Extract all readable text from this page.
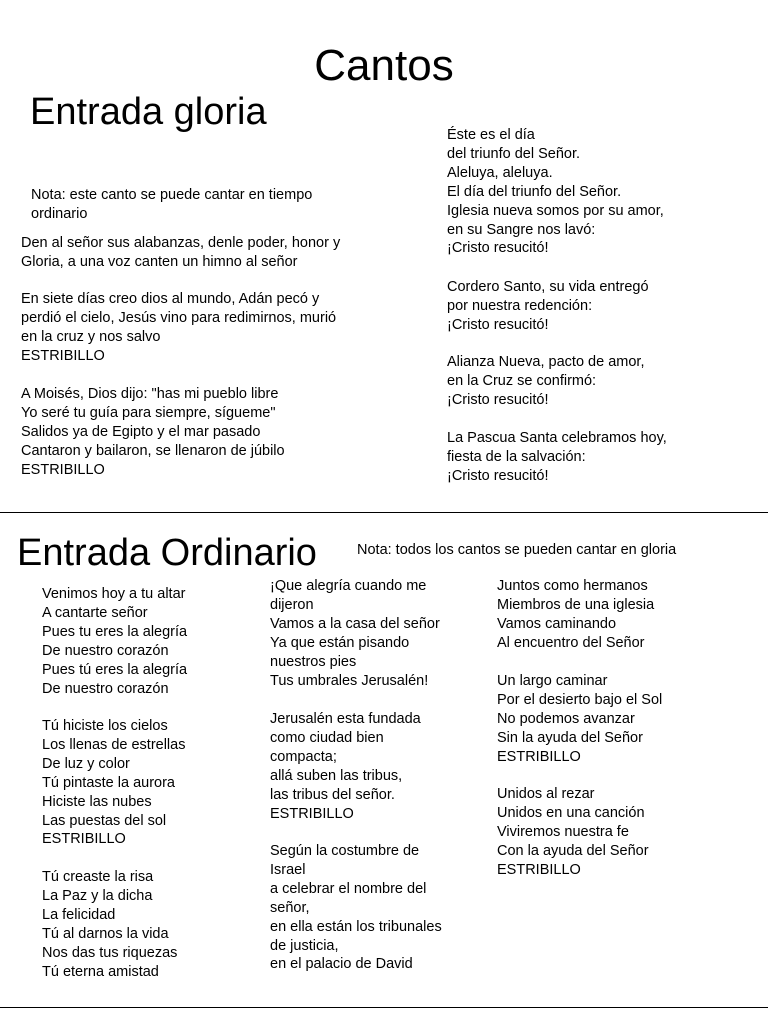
Cantos
Entrada gloria
Nota: este canto se puede cantar en tiempo
ordinario
Den al señor sus alabanzas, denle poder, honor y
Gloria, a una voz canten un himno al señor
En siete días creo dios al mundo, Adán pecó y
perdió el cielo, Jesús vino para redimirnos, murió
en la cruz y nos salvo
ESTRIBILLO
A Moisés, Dios dijo: "has mi pueblo libre
Yo seré tu guía para siempre, sígueme"
Salidos ya de Egipto y el mar pasado
Cantaron y bailaron, se llenaron de júbilo
ESTRIBILLO
Éste es el día
del triunfo del Señor.
Aleluya, aleluya.
El día del triunfo del Señor.
Iglesia nueva somos por su amor,
en su Sangre nos lavó:
¡Cristo resucitó!
Cordero Santo, su vida entregó
por nuestra redención:
¡Cristo resucitó!
Alianza Nueva, pacto de amor,
en la Cruz se confirmó:
¡Cristo resucitó!
La Pascua Santa celebramos hoy,
fiesta de la salvación:
¡Cristo resucitó!
Entrada Ordinario	Nota: todos los cantos se pueden cantar en gloria
Venimos hoy a tu altar
A cantarte señor
Pues tu eres la alegría
De nuestro corazón
Pues tú eres la alegría
De nuestro corazón
Tú hiciste los cielos
Los llenas de estrellas
De luz y color
Tú pintaste la aurora
Hiciste las nubes
Las puestas del sol
ESTRIBILLO
Tú creaste la risa
La Paz y la dicha
La felicidad
Tú al darnos la vida
Nos das tus riquezas
Tú eterna amistad
¡Que alegría cuando me
dijeron
Vamos a la casa del señor
Ya que están pisando
nuestros pies
Tus umbrales Jerusalén!
Jerusalén esta fundada
como ciudad bien
compacta;
allá suben las tribus,
las tribus del señor.
ESTRIBILLO
Según la costumbre de
Israel
a celebrar el nombre del
señor,
en ella están los tribunales
de justicia,
en el palacio de David
Juntos como hermanos
Miembros de una iglesia
Vamos caminando
Al encuentro del Señor
Un largo caminar
Por el desierto bajo el Sol
No podemos avanzar
Sin la ayuda del Señor
ESTRIBILLO
Unidos al rezar
Unidos en una canción
Viviremos nuestra fe
Con la ayuda del Señor
ESTRIBILLO
